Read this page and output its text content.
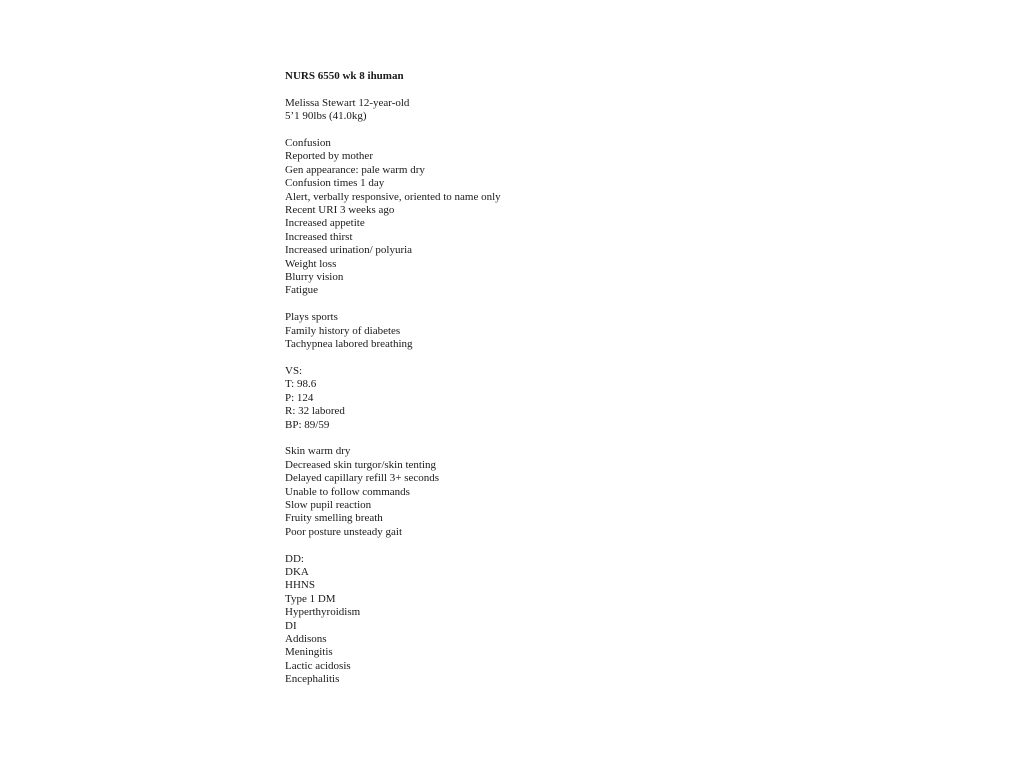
NURS 6550 wk 8 ihuman
Melissa Stewart 12-year-old
5’1 90lbs (41.0kg)
Confusion
Reported by mother
Gen appearance: pale warm dry
Confusion times 1 day
Alert, verbally responsive, oriented to name only
Recent URI 3 weeks ago
Increased appetite
Increased thirst
Increased urination/ polyuria
Weight loss
Blurry vision
Fatigue
Plays sports
Family history of diabetes
Tachypnea labored breathing
VS:
T: 98.6
P: 124
R: 32 labored
BP: 89/59
Skin warm dry
Decreased skin turgor/skin tenting
Delayed capillary refill 3+ seconds
Unable to follow commands
Slow pupil reaction
Fruity smelling breath
Poor posture unsteady gait
DD:
DKA
HHNS
Type 1 DM
Hyperthyroidism
DI
Addisons
Meningitis
Lactic acidosis
Encephalitis
